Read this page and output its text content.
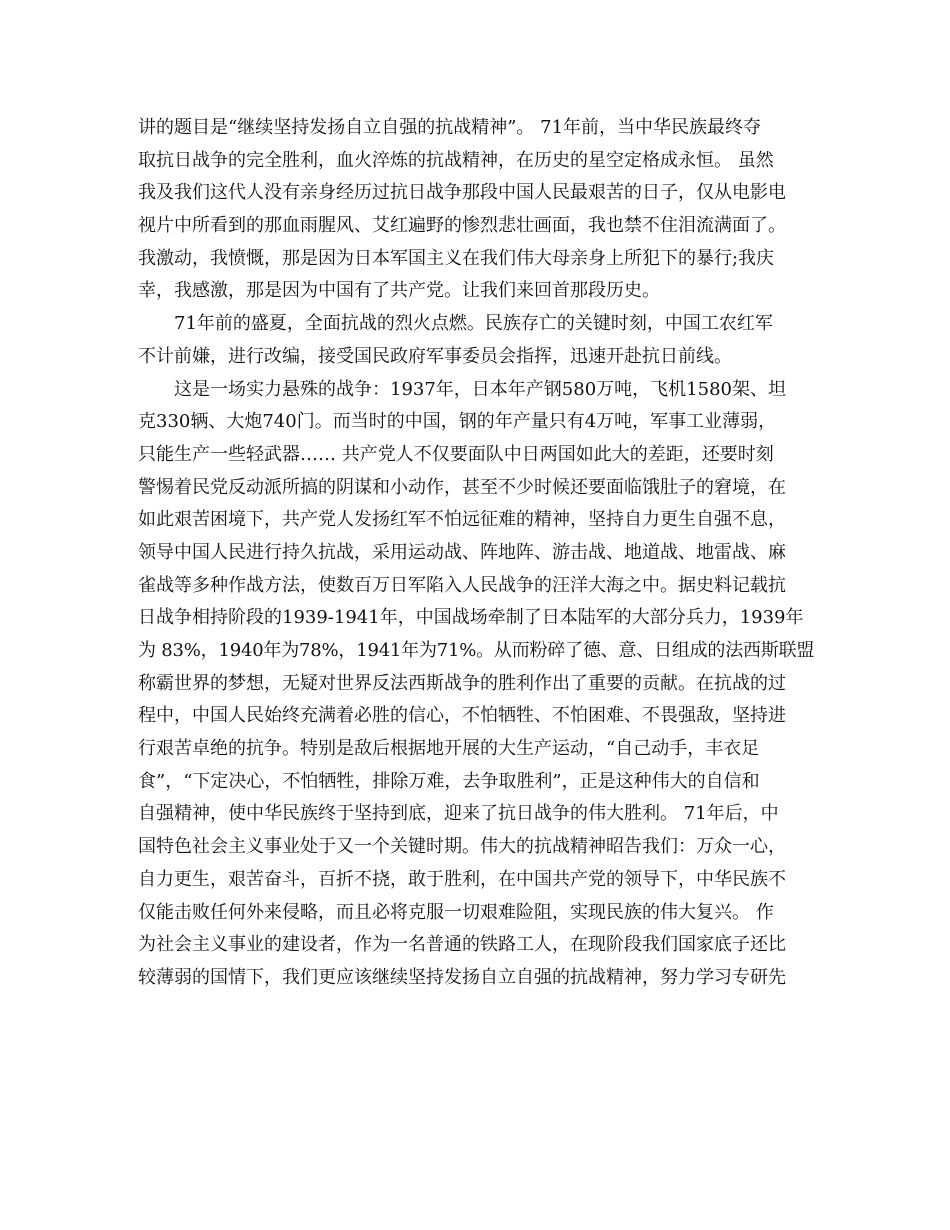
讲的题目是“继续坚持发扬自立自强的抗战精神”。 71年前，当中华民族最终夺
取抗日战争的完全胜利，血火淬炼的抗战精神，在历史的星空定格成永恒。 虽然
我及我们这代人没有亲身经历过抗日战争那段中国人民最艰苦的日子，仅从电影电
视片中所看到的那血雨腥风、艾红遍野的惨烈悲壮画面，我也禁不住泪流满面了。
我激动，我愤慨，那是因为日本军国主义在我们伟大母亲身上所犯下的暴行;我庆
幸，我感激，那是因为中国有了共产党。让我们来回首那段历史。
71年前的盛夏，全面抗战的烈火点燃。民族存亡的关键时刻，中国工农红军
不计前嫌，进行改编，接受国民政府军事委员会指挥，迅速开赴抗日前线。
这是一场实力悬殊的战争：1937年，日本年产钢580万吨，飞机1580架、坦
克330辆、大炮740门。而当时的中国，钢的年产量只有4万吨，军事工业薄弱，
只能生产一些轻武器…… 共产党人不仅要面队中日两国如此大的差距，还要时刻
警惕着民党反动派所搞的阴谋和小动作，甚至不少时候还要面临饿肚子的窘境，在
如此艰苦困境下，共产党人发扬红军不怕远征难的精神，坚持自力更生自强不息，
领导中国人民进行持久抗战，采用运动战、阵地阵、游击战、地道战、地雷战、麻
雀战等多种作战方法，使数百万日军陷入人民战争的汪洋大海之中。据史料记载抗
日战争相持阶段的1939-1941年，中国战场牵制了日本陆军的大部分兵力，1939年
为 83%，1940年为78%，1941年为71%。从而粉碎了德、意、日组成的法西斯联盟
称霸世界的梦想，无疑对世界反法西斯战争的胜利作出了重要的贡献。在抗战的过
程中，中国人民始终充满着必胜的信心，不怕牺牲、不怕困难、不畏强敌，坚持进
行艰苦卓绝的抗争。特别是敌后根据地开展的大生产运动，“自己动手，丰衣足
食”，“下定决心，不怕牺牲，排除万难，去争取胜利”，正是这种伟大的自信和
自强精神，使中华民族终于坚持到底，迎来了抗日战争的伟大胜利。 71年后，中
国特色社会主义事业处于又一个关键时期。伟大的抗战精神昭告我们：万众一心，
自力更生，艰苦奋斗，百折不挠，敢于胜利，在中国共产党的领导下，中华民族不
仅能击败任何外来侵略，而且必将克服一切艰难险阻，实现民族的伟大复兴。 作
为社会主义事业的建设者，作为一名普通的铁路工人，在现阶段我们国家底子还比
较薄弱的国情下，我们更应该继续坚持发扬自立自强的抗战精神，努力学习专研先
